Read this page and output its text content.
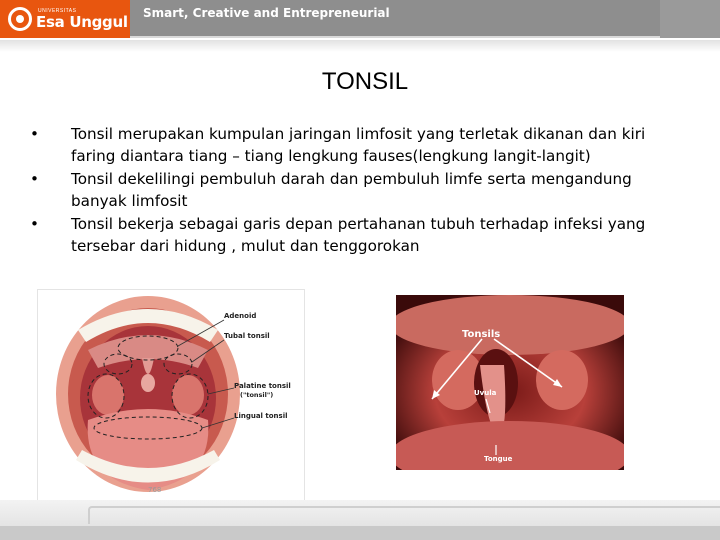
UNIVERSITAS
Esa Unggul Smart, Creative and Entrepreneurial
TONSIL
• Tonsil merupakan kumpulan jaringan limfosit yang terletak dikanan dan kiri faring diantara tiang – tiang lengkung fauses(lengkung langit-langit)
• Tonsil dekelilingi pembuluh darah dan pembuluh limfe serta mengandung banyak limfosit
• Tonsil bekerja sebagai garis depan pertahanan tubuh terhadap infeksi yang tersebar dari hidung , mulut dan tenggorokan
Adenoid
Tubal tonsil
Palatine tonsil
("tonsil")
Lingual tonsil
768
Tonsils
Uvula
Tongue
